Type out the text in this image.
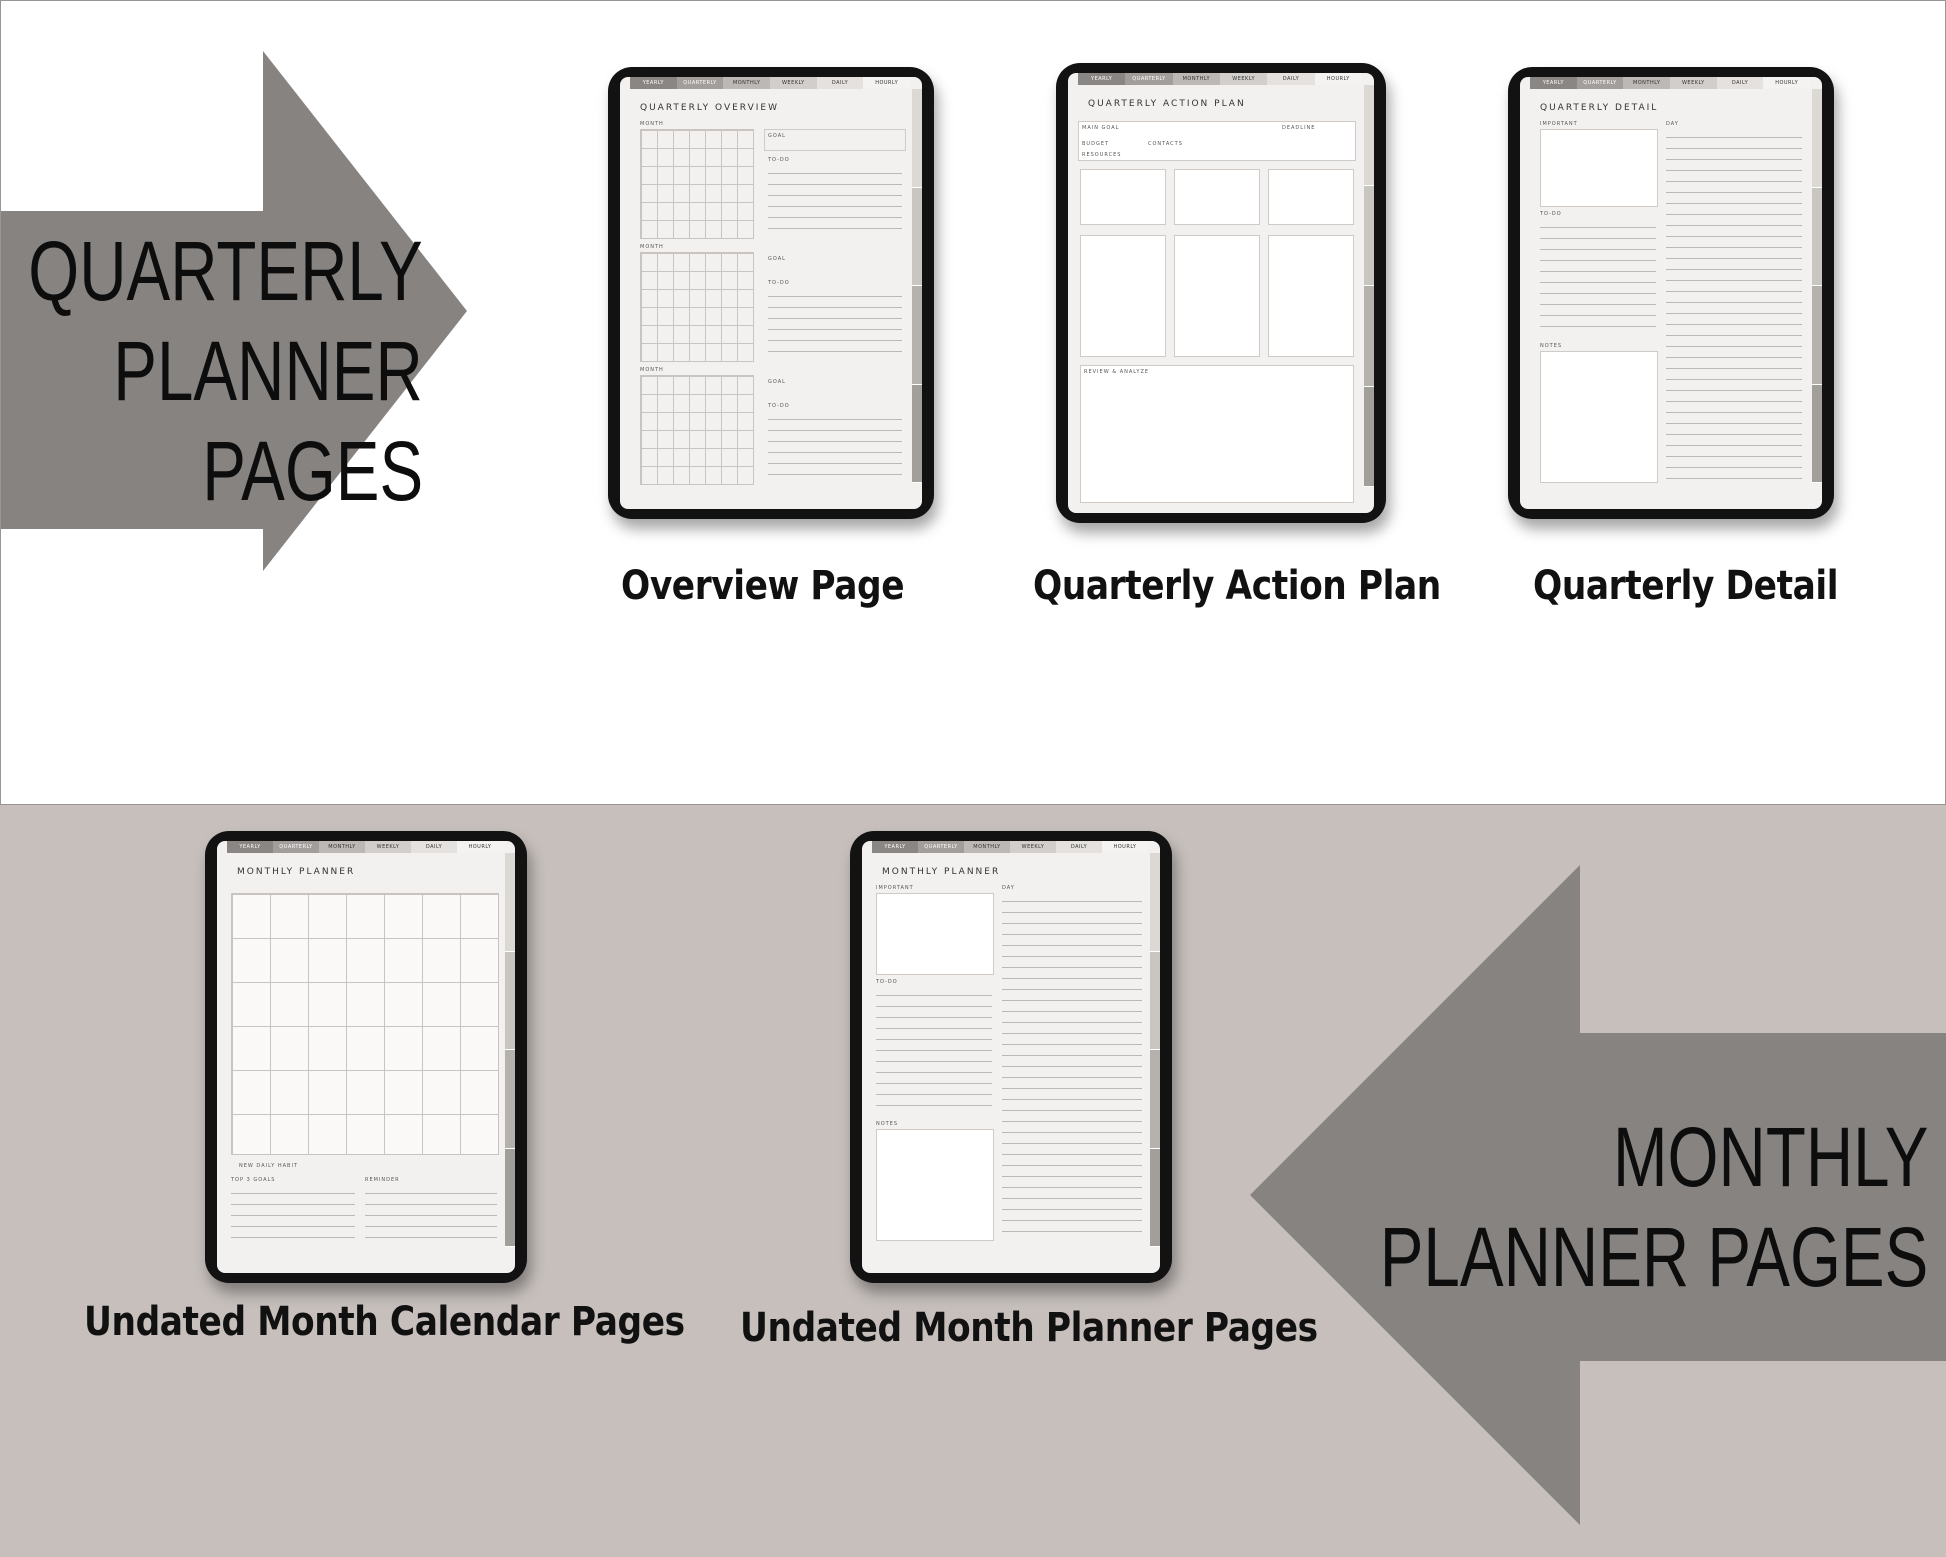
QUARTERLY
PLANNER
PAGES
YEARLY	QUARTERLY	MONTHLY	WEEKLY	DAILY	HOURLY
QUARTERLY OVERVIEW
MONTH
GOAL
TO-DO
MONTH
GOAL
TO-DO
MONTH
GOAL
TO-DO
YEARLY	QUARTERLY	MONTHLY	WEEKLY	DAILY	HOURLY
QUARTERLY ACTION PLAN
MAIN GOAL	DEADLINE
BUDGET	CONTACTS
RESOURCES
REVIEW & ANALYZE
YEARLY	QUARTERLY	MONTHLY	WEEKLY	DAILY	HOURLY
QUARTERLY DETAIL
IMPORTANT
TO-DO
NOTES
DAY
Overview Page	Quarterly Action Plan Quarterly Detail
MONTHLY
PLANNER PAGES
YEARLY	QUARTERLY	MONTHLY	WEEKLY	DAILY	HOURLY
MONTHLY PLANNER
NEW DAILY HABIT
TOP 3 GOALS	REMINDER
YEARLY	QUARTERLY	MONTHLY	WEEKLY	DAILY	HOURLY
MONTHLY PLANNER
IMPORTANT
TO-DO
NOTES
DAY
Undated Month Calendar Pages Undated Month Planner Pages
